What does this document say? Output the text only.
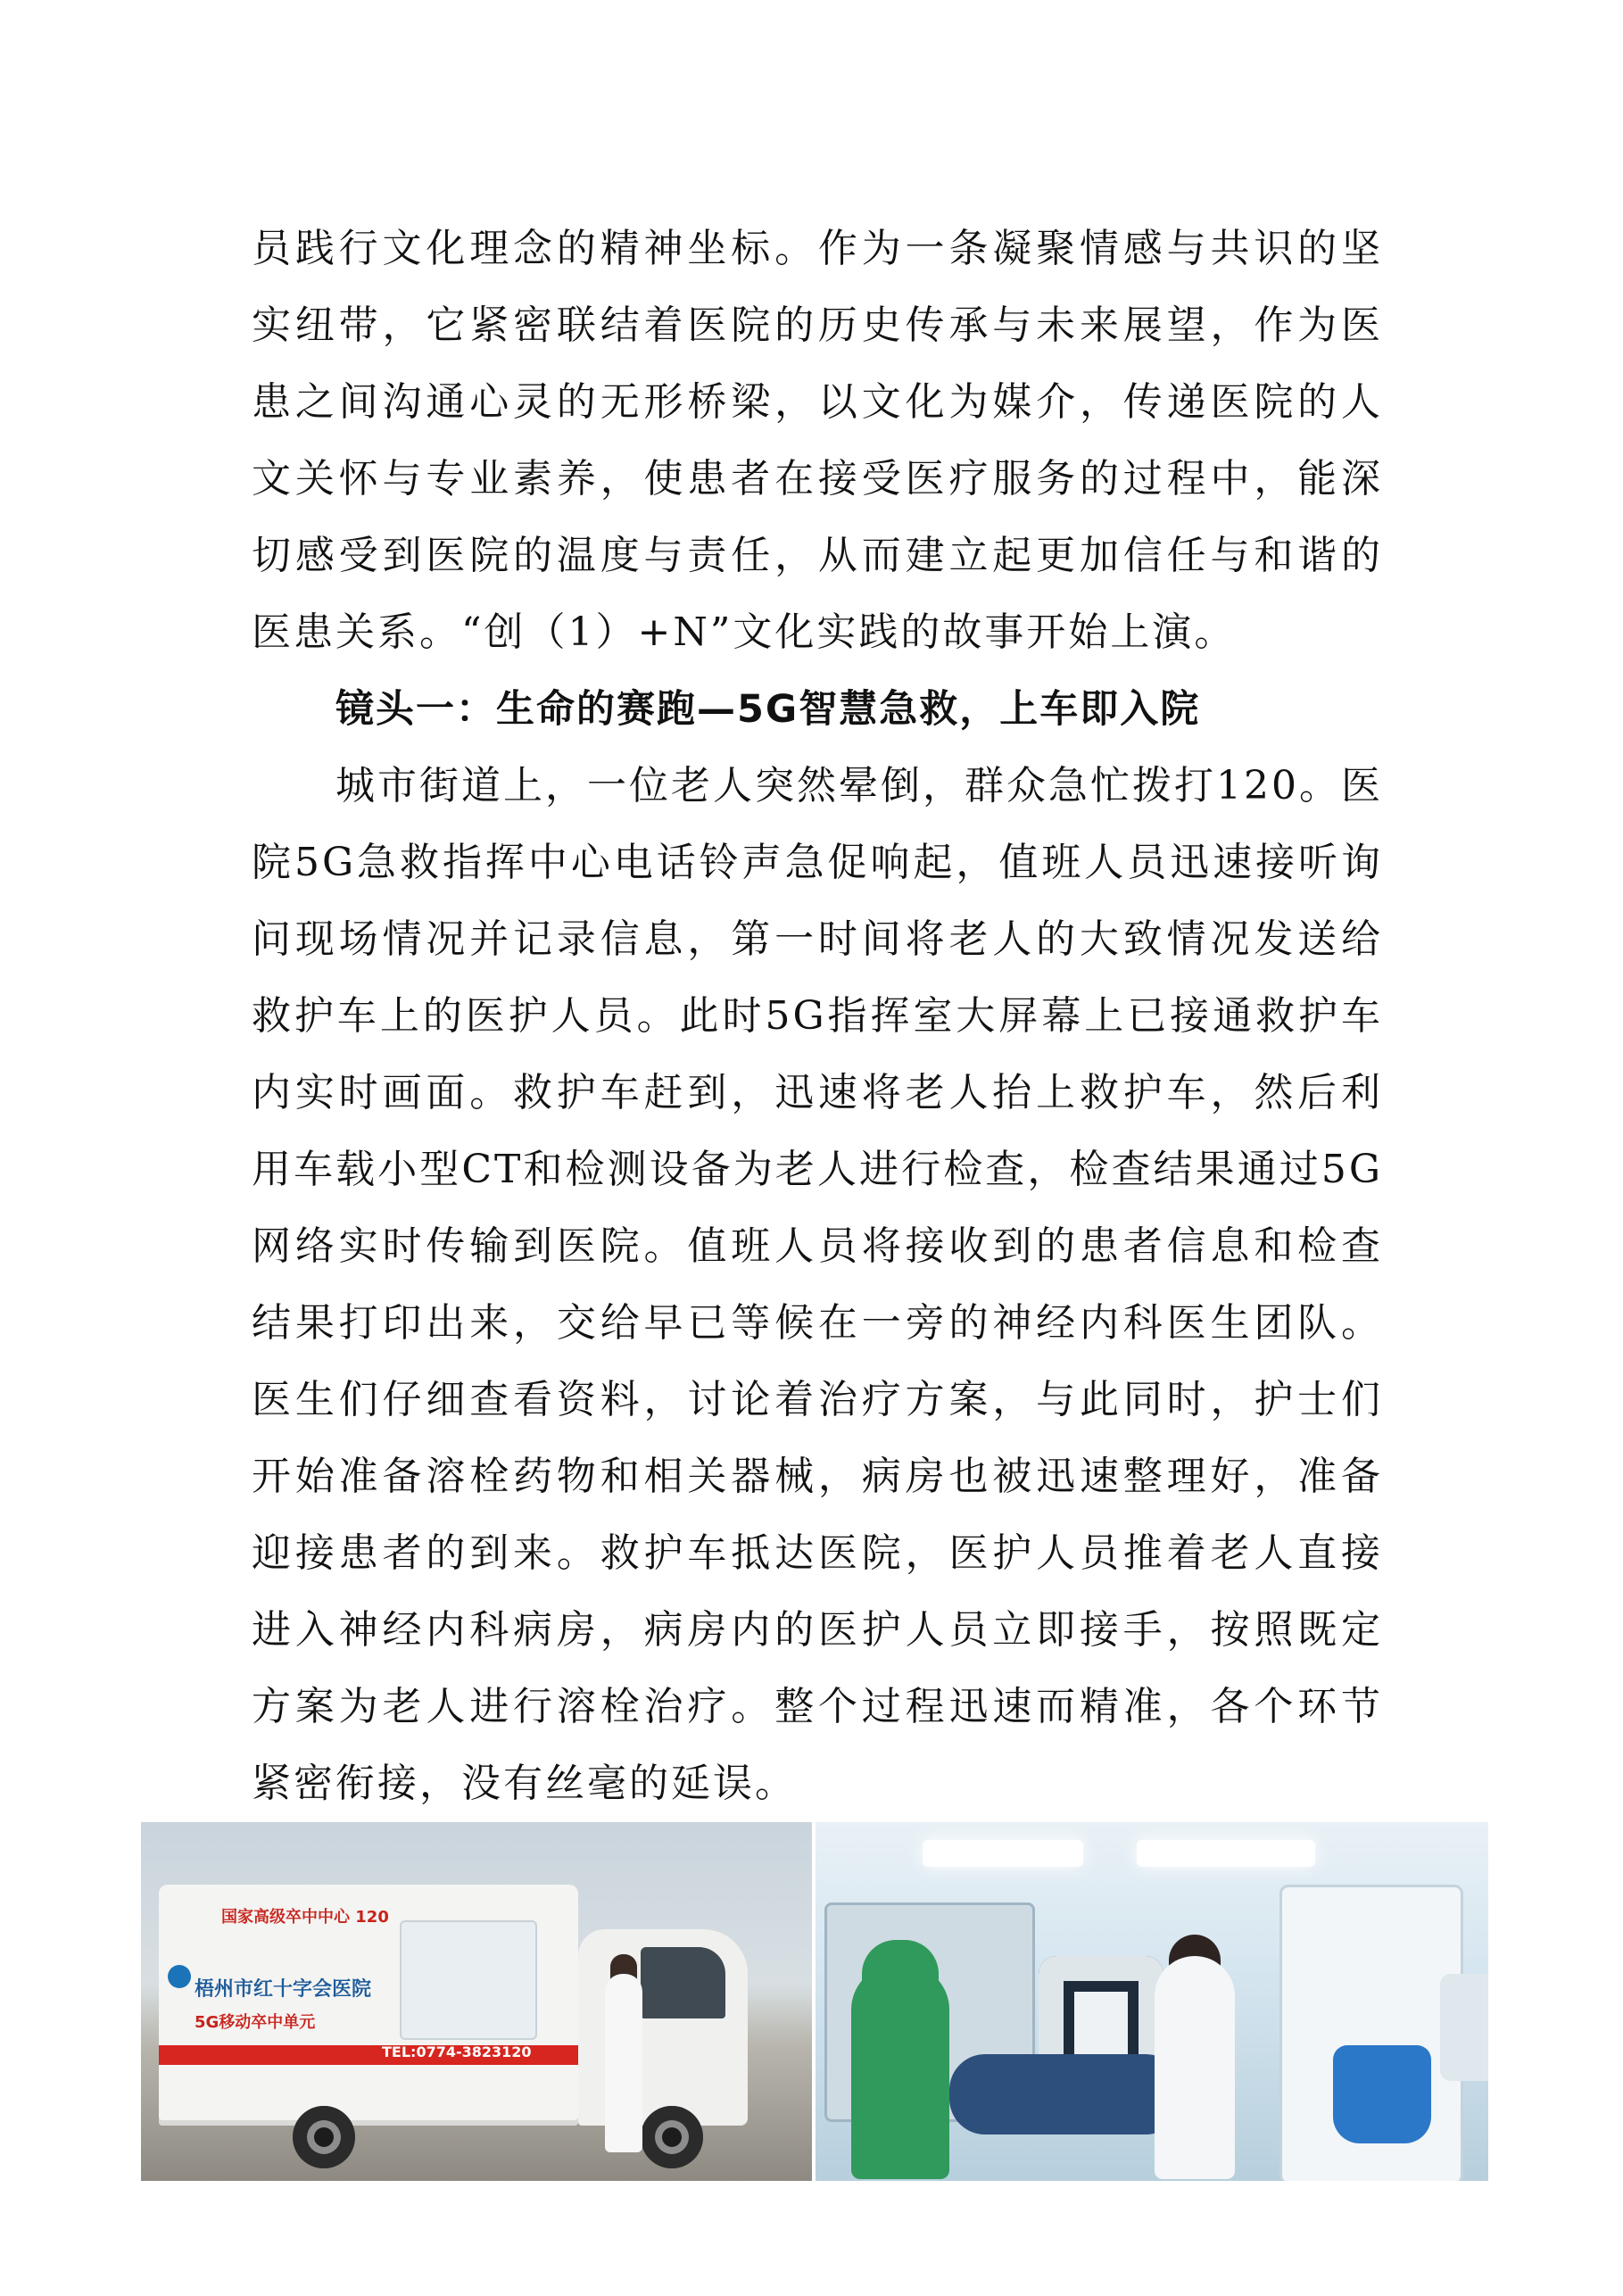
员践行文化理念的精神坐标。作为一条凝聚情感与共识的坚实纽带，它紧密联结着医院的历史传承与未来展望，作为医患之间沟通心灵的无形桥梁，以文化为媒介，传递医院的人文关怀与专业素养，使患者在接受医疗服务的过程中，能深切感受到医院的温度与责任，从而建立起更加信任与和谐的医患关系。“创（1）+N”文化实践的故事开始上演。

镜头一：生命的赛跑—5G智慧急救，上车即入院

城市街道上，一位老人突然晕倒，群众急忙拨打120。医院5G急救指挥中心电话铃声急促响起，值班人员迅速接听询问现场情况并记录信息，第一时间将老人的大致情况发送给救护车上的医护人员。此时5G指挥室大屏幕上已接通救护车内实时画面。救护车赶到，迅速将老人抬上救护车，然后利用车载小型CT和检测设备为老人进行检查，检查结果通过5G网络实时传输到医院。值班人员将接收到的患者信息和检查结果打印出来，交给早已等候在一旁的神经内科医生团队。医生们仔细查看资料，讨论着治疗方案，与此同时，护士们开始准备溶栓药物和相关器械，病房也被迅速整理好，准备迎接患者的到来。救护车抵达医院，医护人员推着老人直接进入神经内科病房，病房内的医护人员立即接手，按照既定方案为老人进行溶栓治疗。整个过程迅速而精准，各个环节紧密衔接，没有丝毫的延误。

国家高级卒中中心 120
梧州市红十字会医院
5G移动卒中单元
TEL:0774-3823120
